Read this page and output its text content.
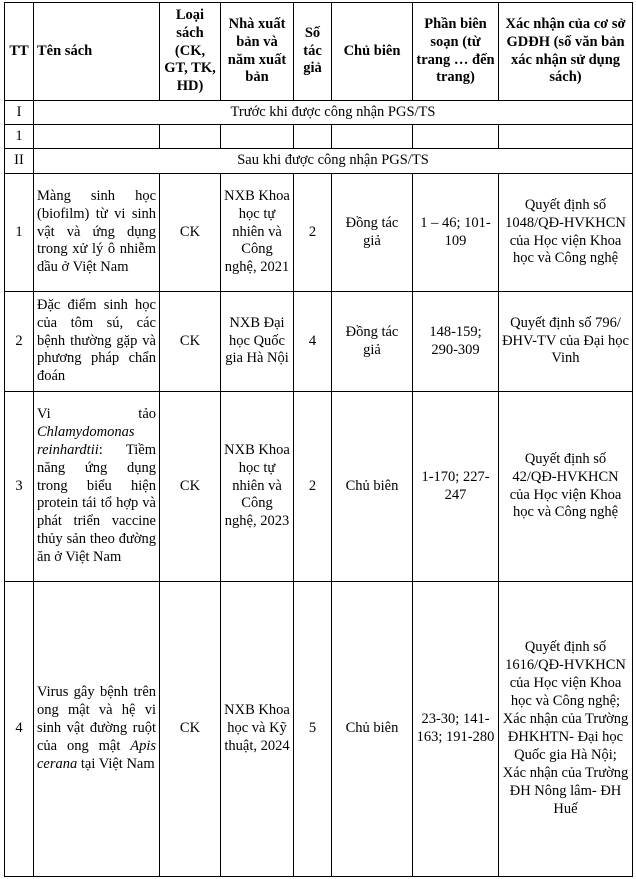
TT	Tên sách	Loại sách (CK, GT, TK, HD)	Nhà xuất bản và năm xuất bản	Số tác giả	Chủ biên	Phần biên soạn (từ trang … đến trang)	Xác nhận của cơ sở GDĐH (số văn bản xác nhận sử dụng sách)
I	Trước khi được công nhận PGS/TS						
1							
II	Sau khi được công nhận PGS/TS						
1	Màng sinh học (biofilm) từ vi sinh vật và ứng dụng trong xử lý ô nhiễm dầu ở Việt Nam	CK	NXB Khoa học tự nhiên và Công nghệ, 2021	2	Đồng tác giả	1 – 46; 101-109	Quyết định số 1048/QĐ-HVKHCN của Học viện Khoa học và Công nghệ

2	Đặc điểm sinh học của tôm sú, các bệnh thường gặp và phương pháp chẩn đoán	CK	NXB Đại học Quốc gia Hà Nội	4	Đồng tác giả	148-159; 290-309	Quyết định số 796/ĐHV-TV của Đại học Vinh

3	Vi tảo Chlamydomonas reinhardtii: Tiềm năng ứng dụng trong biểu hiện protein tái tổ hợp và phát triển vaccine thủy sản theo đường ăn ở Việt Nam	CK	NXB Khoa học tự nhiên và Công nghệ, 2023	2	Chủ biên	1-170; 227-247	Quyết định số 42/QĐ-HVKHCN của Học viện Khoa học và Công nghệ

4	Virus gây bệnh trên ong mật và hệ vi sinh vật đường ruột của ong mật Apis cerana tại Việt Nam	CK	NXB Khoa học và Kỹ thuật, 2024	5	Chủ biên	23-30; 141-163; 191-280	Quyết định số 1616/QĐ-HVKHCN của Học viện Khoa học và Công nghệ;
Xác nhận của Trường ĐHKHTN- Đại học Quốc gia Hà Nội;
Xác nhận của Trường ĐH Nông lâm- ĐH Huế
